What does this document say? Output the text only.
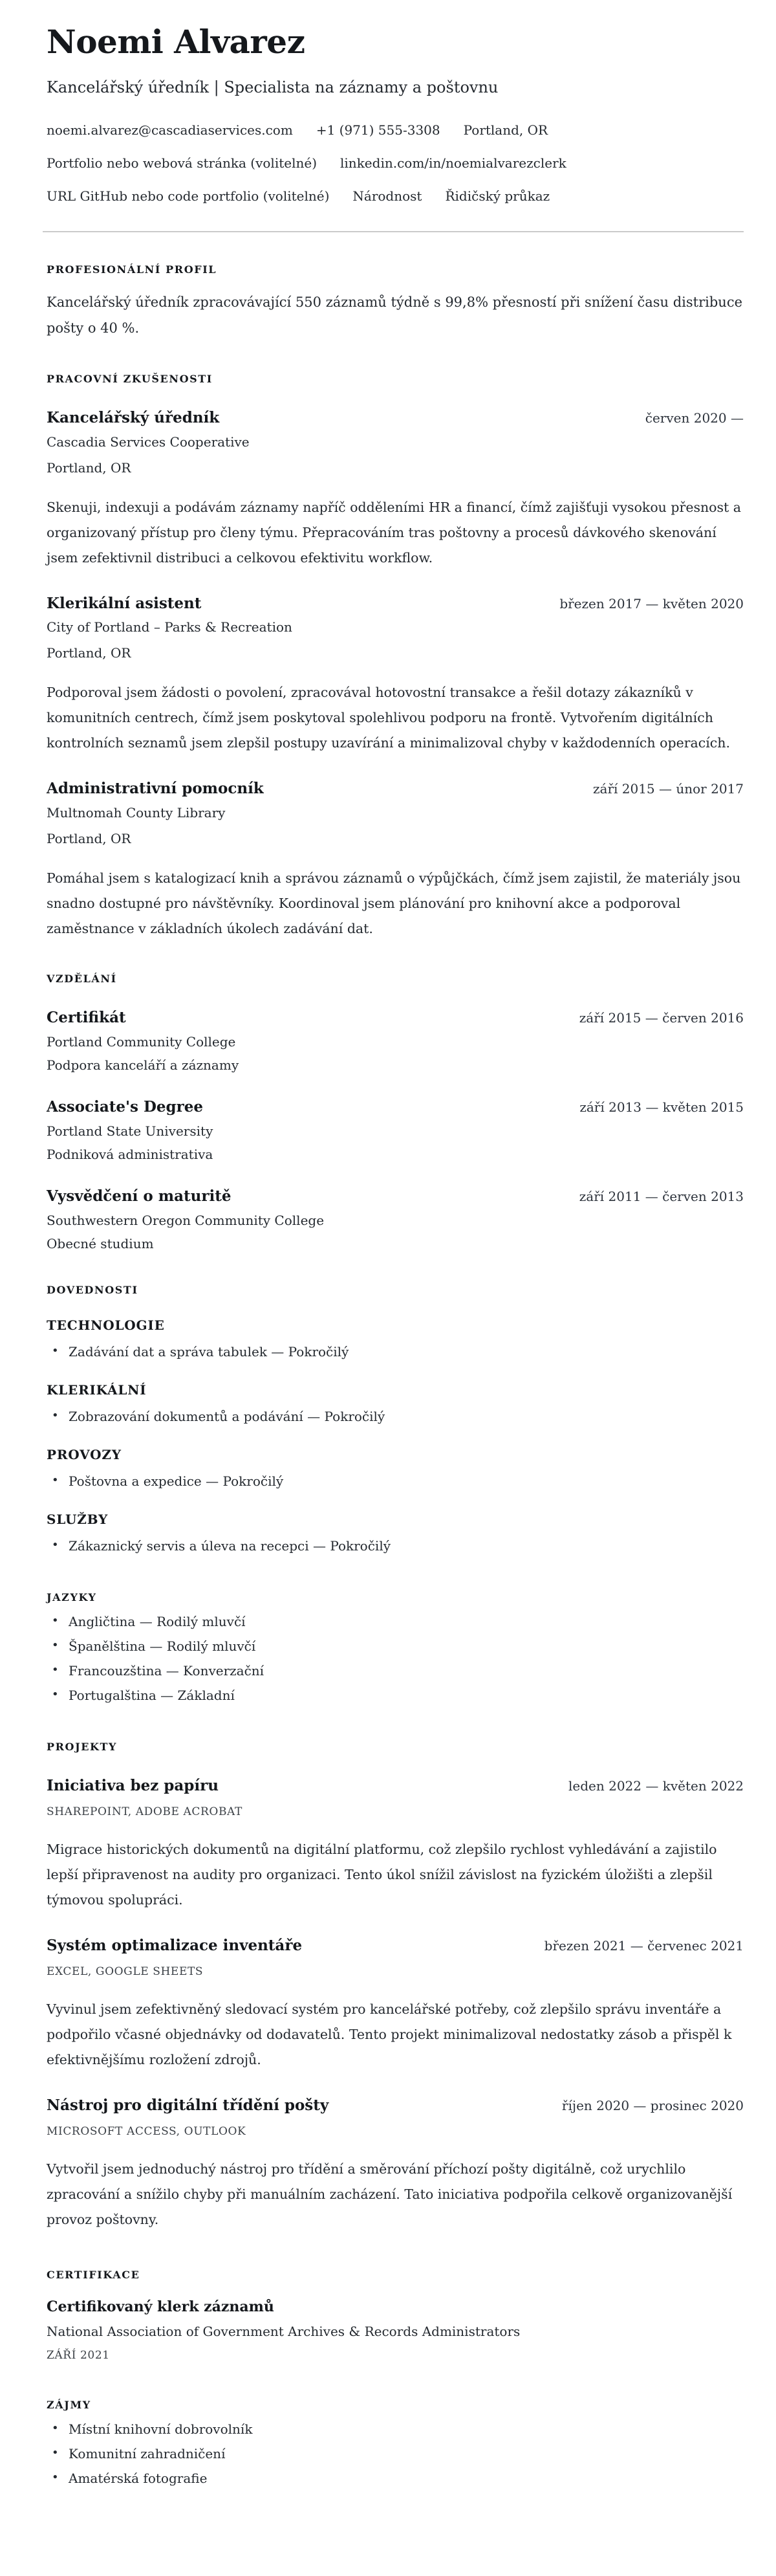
Noemi Alvarez
Kancelářský úředník | Specialista na záznamy a poštovnu
noemi.alvarez@cascadiaservices.com +1 (971) 555-3308 Portland, OR
Portfolio nebo webová stránka (volitelné) linkedin.com/in/noemialvarezclerk
URL GitHub nebo code portfolio (volitelné) Národnost Řidičský průkaz
PROFESIONÁLNÍ PROFIL
Kancelářský úředník zpracovávající 550 záznamů týdně s 99,8% přesností při snížení času distribuce pošty o 40 %.
PRACOVNÍ ZKUŠENOSTI
Kancelářský úředník	červen 2020 —
Cascadia Services Cooperative
Portland, OR
Skenuji, indexuji a podávám záznamy napříč odděleními HR a financí, čímž zajišťuji vysokou přesnost a organizovaný přístup pro členy týmu. Přepracováním tras poštovny a procesů dávkového skenování jsem zefektivnil distribuci a celkovou efektivitu workflow.
Klerikální asistent	březen 2017 — květen 2020
City of Portland – Parks & Recreation
Portland, OR
Podporoval jsem žádosti o povolení, zpracovával hotovostní transakce a řešil dotazy zákazníků v komunitních centrech, čímž jsem poskytoval spolehlivou podporu na frontě. Vytvořením digitálních kontrolních seznamů jsem zlepšil postupy uzavírání a minimalizoval chyby v každodenních operacích.
Administrativní pomocník	září 2015 — únor 2017
Multnomah County Library
Portland, OR
Pomáhal jsem s katalogizací knih a správou záznamů o výpůjčkách, čímž jsem zajistil, že materiály jsou snadno dostupné pro návštěvníky. Koordinoval jsem plánování pro knihovní akce a podporoval zaměstnance v základních úkolech zadávání dat.
VZDĚLÁNÍ
Certifikát	září 2015 — červen 2016
Portland Community College
Podpora kanceláří a záznamy
Associate's Degree	září 2013 — květen 2015
Portland State University
Podniková administrativa
Vysvědčení o maturitě	září 2011 — červen 2013
Southwestern Oregon Community College
Obecné studium
DOVEDNOSTI
TECHNOLOGIE
• Zadávání dat a správa tabulek — Pokročilý
KLERIKÁLNÍ
• Zobrazování dokumentů a podávání — Pokročilý
PROVOZY
• Poštovna a expedice — Pokročilý
SLUŽBY
• Zákaznický servis a úleva na recepci — Pokročilý
JAZYKY
• Angličtina — Rodilý mluvčí
• Španělština — Rodilý mluvčí
• Francouzština — Konverzační
• Portugalština — Základní
PROJEKTY
Iniciativa bez papíru	leden 2022 — květen 2022
SHAREPOINT, ADOBE ACROBAT
Migrace historických dokumentů na digitální platformu, což zlepšilo rychlost vyhledávání a zajistilo lepší připravenost na audity pro organizaci. Tento úkol snížil závislost na fyzickém úložišti a zlepšil týmovou spolupráci.
Systém optimalizace inventáře	březen 2021 — červenec 2021
EXCEL, GOOGLE SHEETS
Vyvinul jsem zefektivněný sledovací systém pro kancelářské potřeby, což zlepšilo správu inventáře a podpořilo včasné objednávky od dodavatelů. Tento projekt minimalizoval nedostatky zásob a přispěl k efektivnějšímu rozložení zdrojů.
Nástroj pro digitální třídění pošty	říjen 2020 — prosinec 2020
MICROSOFT ACCESS, OUTLOOK
Vytvořil jsem jednoduchý nástroj pro třídění a směrování příchozí pošty digitálně, což urychlilo zpracování a snížilo chyby při manuálním zacházení. Tato iniciativa podpořila celkově organizovanější provoz poštovny.
CERTIFIKACE
Certifikovaný klerk záznamů
National Association of Government Archives & Records Administrators
ZÁŘÍ 2021
ZÁJMY
• Místní knihovní dobrovolník
• Komunitní zahradničení
• Amatérská fotografie
